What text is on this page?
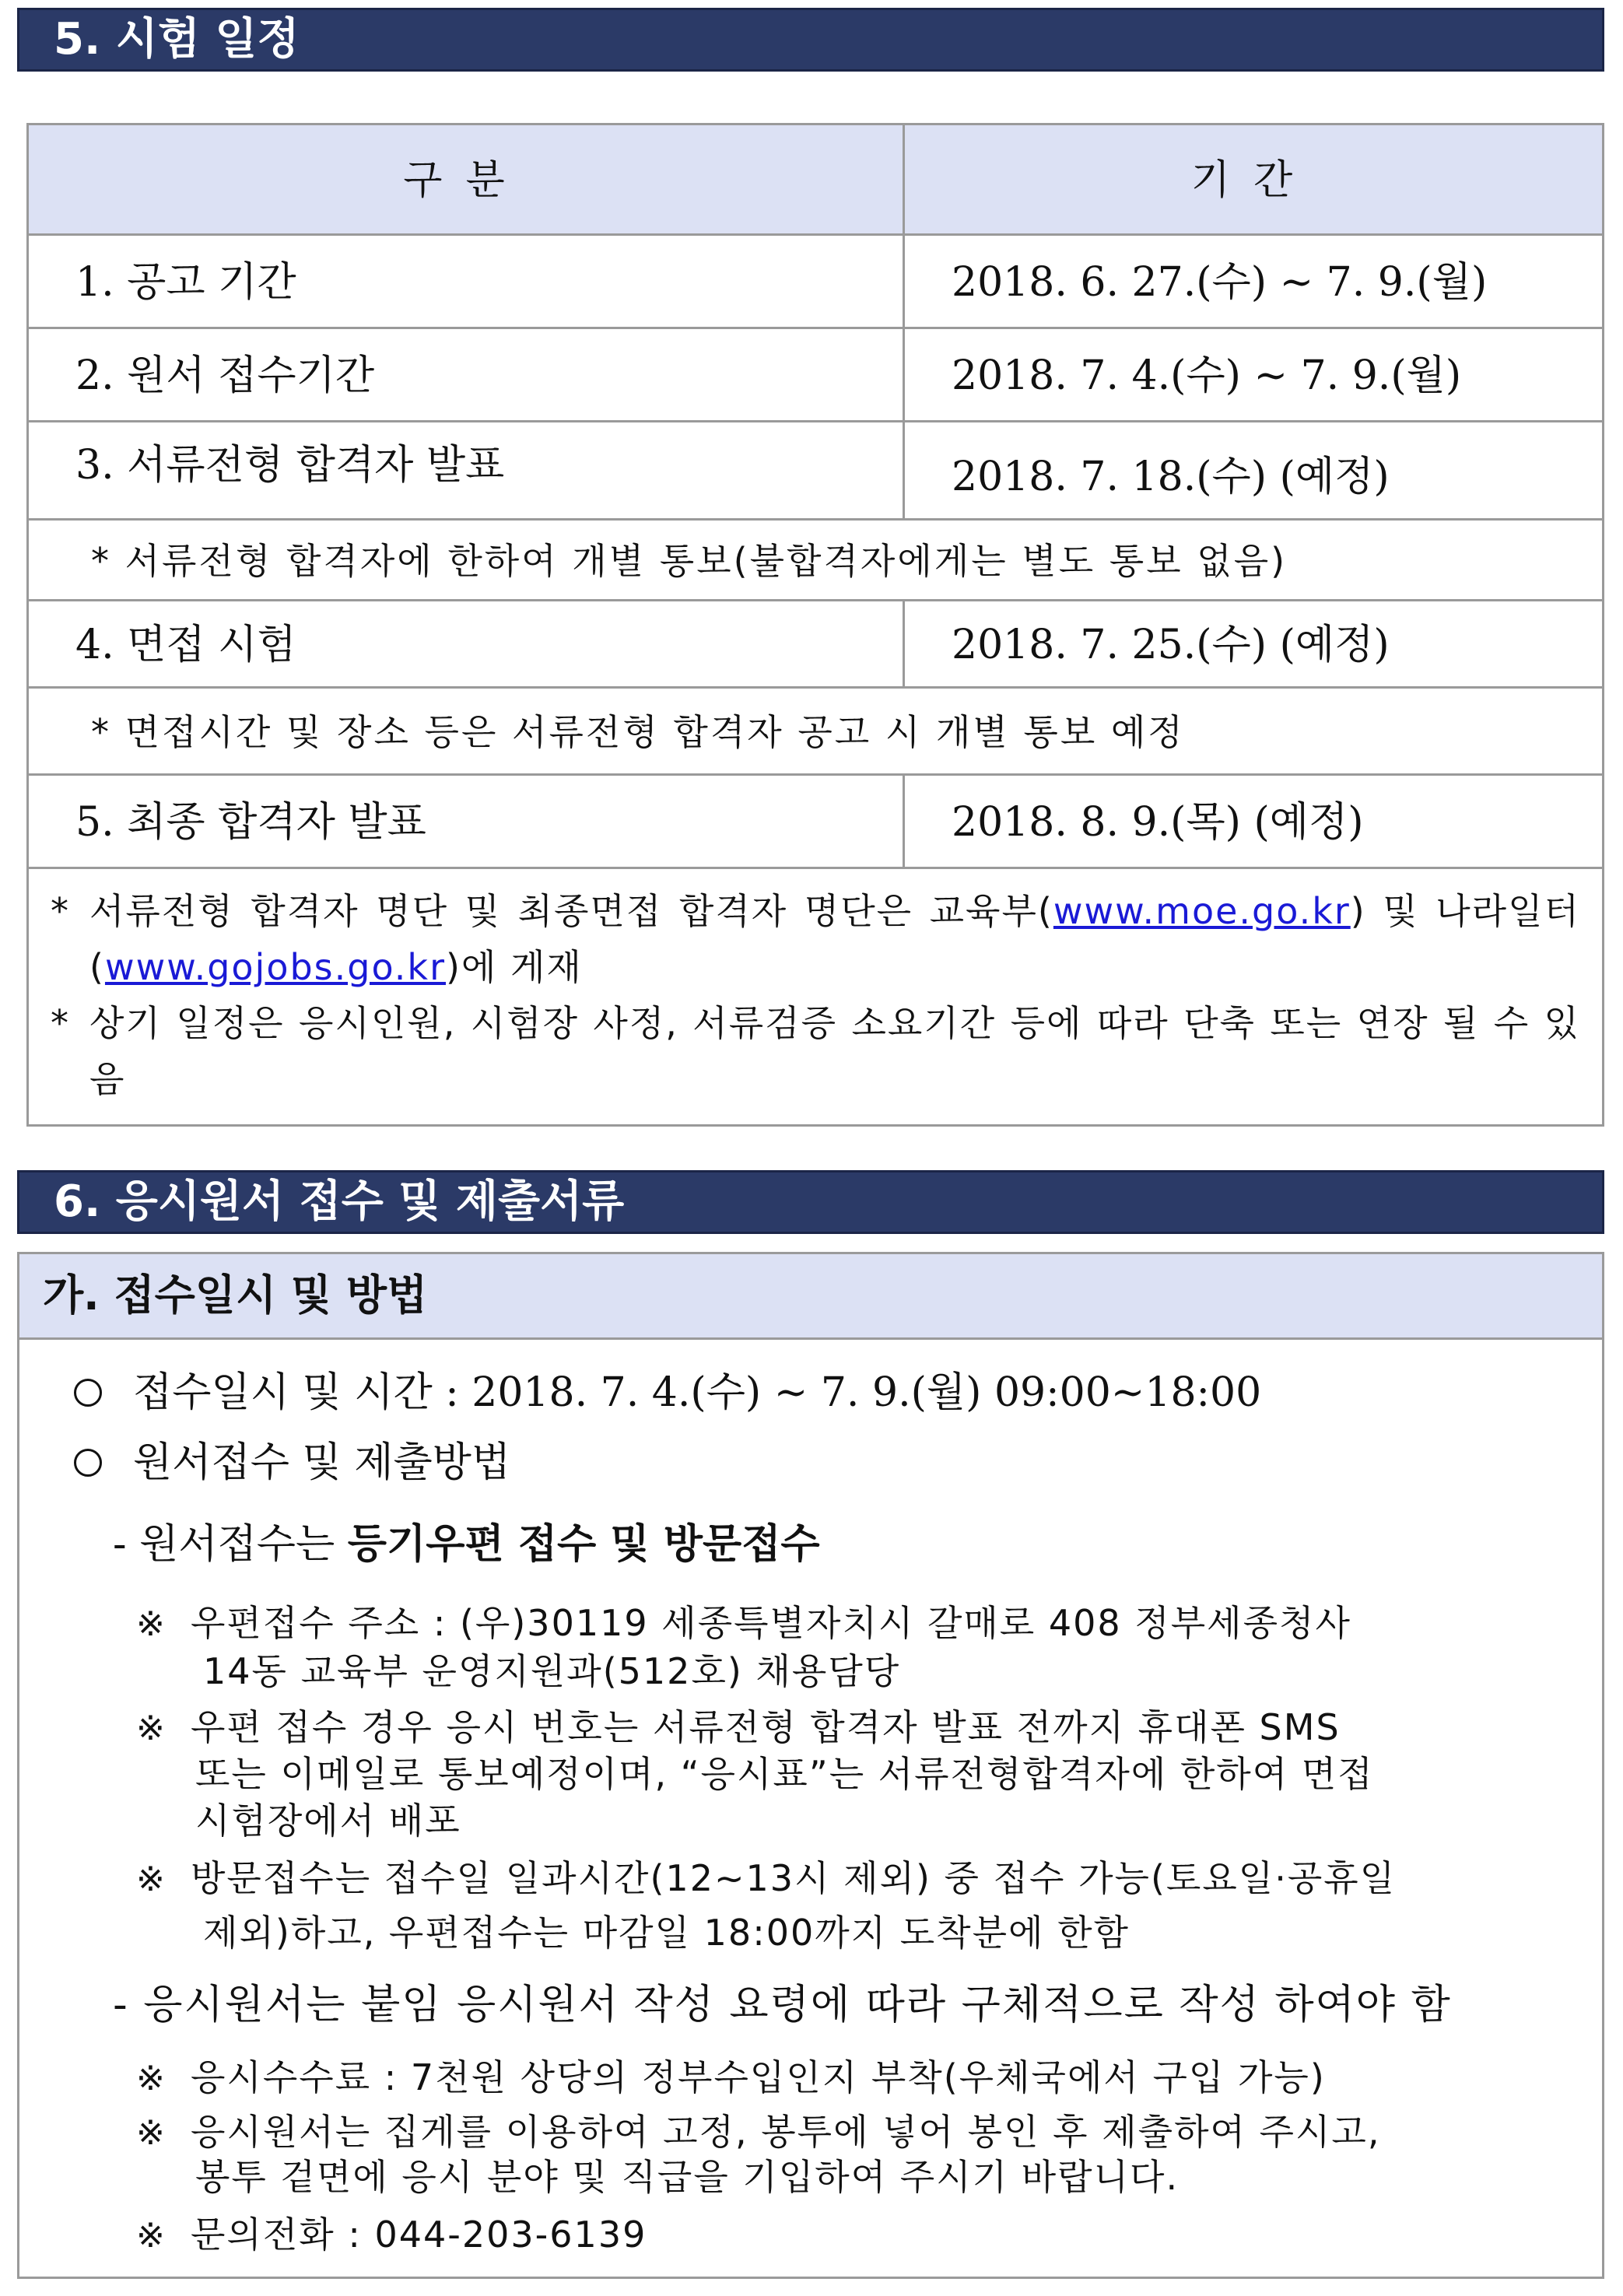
5. 시험 일정
구분	기간
1. 공고 기간	2018. 6. 27.(수) ~ 7. 9.(월)
2. 원서 접수기간	2018. 7. 4.(수) ~ 7. 9.(월)
3. 서류전형 합격자 발표	2018. 7. 18.(수) (예정)
* 서류전형 합격자에 한하여 개별 통보(불합격자에게는 별도 통보 없음)
4. 면접 시험	2018. 7. 25.(수) (예정)
* 면접시간 및 장소 등은 서류전형 합격자 공고 시 개별 통보 예정
5. 최종 합격자 발표	2018. 8. 9.(목) (예정)
* 서류전형 합격자 명단 및 최종면접 합격자 명단은 교육부(www.moe.go.kr) 및 나라일터(www.gojobs.go.kr)에 게재
* 상기 일정은 응시인원, 시험장 사정, 서류검증 소요기간 등에 따라 단축 또는 연장 될 수 있음
6. 응시원서 접수 및 제출서류
가. 접수일시 및 방법
접수일시 및 시간 : 2018. 7. 4.(수) ~ 7. 9.(월) 09:00~18:00
원서접수 및 제출방법
- 원서접수는 등기우편 접수 및 방문접수
※ 우편접수 주소 : (우)30119 세종특별자치시 갈매로 408 정부세종청사
14동 교육부 운영지원과(512호) 채용담당
※ 우편 접수 경우 응시 번호는 서류전형 합격자 발표 전까지 휴대폰 SMS
또는 이메일로 통보예정이며, “응시표”는 서류전형합격자에 한하여 면접
시험장에서 배포
※ 방문접수는 접수일 일과시간(12~13시 제외) 중 접수 가능(토요일·공휴일
제외)하고, 우편접수는 마감일 18:00까지 도착분에 한함
- 응시원서는 붙임 응시원서 작성 요령에 따라 구체적으로 작성 하여야 함
※ 응시수수료 : 7천원 상당의 정부수입인지 부착(우체국에서 구입 가능)
※ 응시원서는 집게를 이용하여 고정, 봉투에 넣어 봉인 후 제출하여 주시고,
봉투 겉면에 응시 분야 및 직급을 기입하여 주시기 바랍니다.
※ 문의전화 : 044-203-6139
